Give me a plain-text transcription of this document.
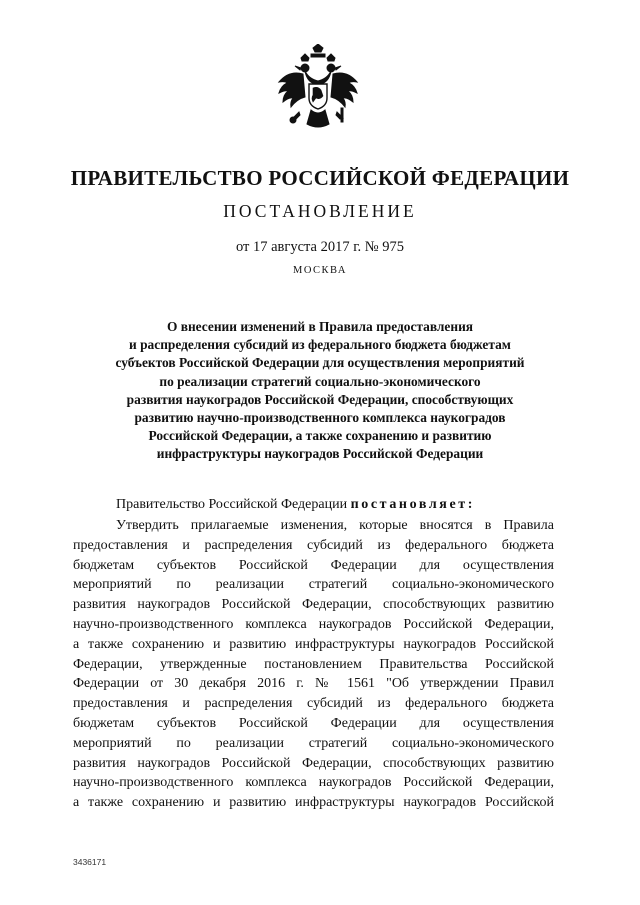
ПРАВИТЕЛЬСТВО РОССИЙСКОЙ ФЕДЕРАЦИИ
ПОСТАНОВЛЕНИЕ
от 17 августа 2017 г. № 975
МОСКВА
О внесении изменений в Правила предоставления
и распределения субсидий из федерального бюджета бюджетам
субъектов Российской Федерации для осуществления мероприятий
по реализации стратегий социально-экономического
развития наукоградов Российской Федерации, способствующих
развитию научно-производственного комплекса наукоградов
Российской Федерации, а также сохранению и развитию
инфраструктуры наукоградов Российской Федерации
Правительство Российской Федерации постановляет:
Утвердить прилагаемые изменения, которые вносятся в Правила
предоставления и распределения субсидий из федерального бюджета
бюджетам субъектов Российской Федерации для осуществления
мероприятий по реализации стратегий социально-экономического
развития наукоградов Российской Федерации, способствующих развитию
научно-производственного комплекса наукоградов Российской Федерации,
а также сохранению и развитию инфраструктуры наукоградов Российской
Федерации, утвержденные постановлением Правительства Российской
Федерации от 30 декабря 2016 г. № 1561 "Об утверждении Правил
предоставления и распределения субсидий из федерального бюджета
бюджетам субъектов Российской Федерации для осуществления
мероприятий по реализации стратегий социально-экономического
развития наукоградов Российской Федерации, способствующих развитию
научно-производственного комплекса наукоградов Российской Федерации,
а также сохранению и развитию инфраструктуры наукоградов Российской
3436171
